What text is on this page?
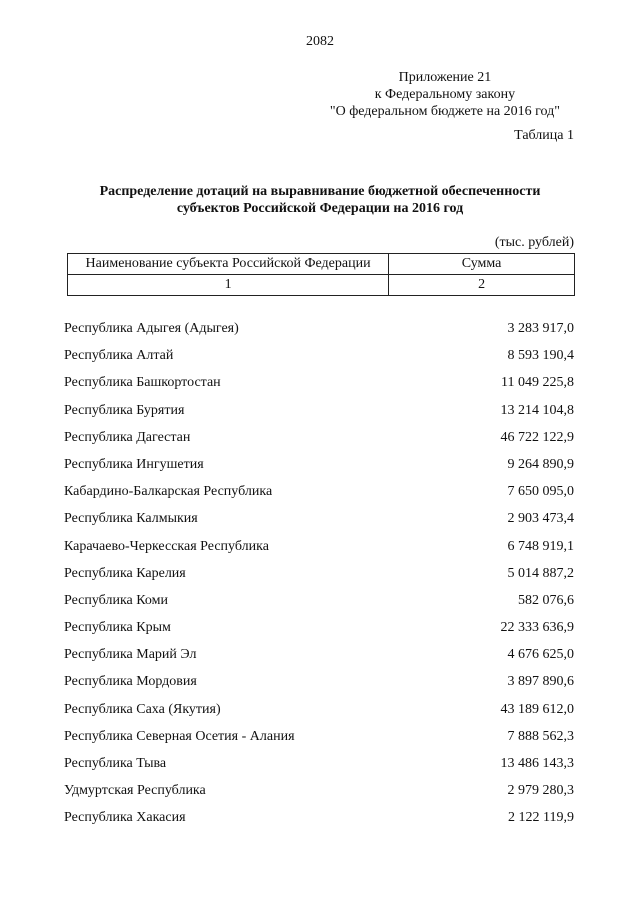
2082
Приложение 21
к Федеральному закону
"О федеральном бюджете на 2016 год"
Таблица 1
Распределение дотаций на выравнивание бюджетной обеспеченности
субъектов Российской Федерации на 2016 год
(тыс. рублей)
Наименование субъекта Российской Федерации	Сумма
1	2
Республика Адыгея (Адыгея)	3 283 917,0
Республика Алтай	8 593 190,4
Республика Башкортостан	11 049 225,8
Республика Бурятия	13 214 104,8
Республика Дагестан	46 722 122,9
Республика Ингушетия	9 264 890,9
Кабардино-Балкарская Республика	7 650 095,0
Республика Калмыкия	2 903 473,4
Карачаево-Черкесская Республика	6 748 919,1
Республика Карелия	5 014 887,2
Республика Коми	582 076,6
Республика Крым	22 333 636,9
Республика Марий Эл	4 676 625,0
Республика Мордовия	3 897 890,6
Республика Саха (Якутия)	43 189 612,0
Республика Северная Осетия - Алания	7 888 562,3
Республика Тыва	13 486 143,3
Удмуртская Республика	2 979 280,3
Республика Хакасия	2 122 119,9
